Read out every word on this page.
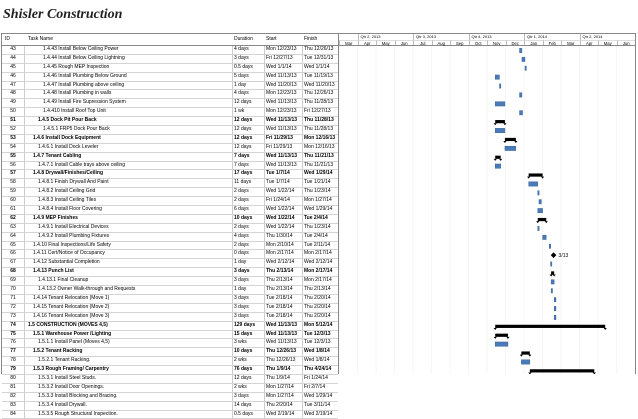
Shisler Construction
ID	Task Name	Duration	Start	Finish
43	1.4.43 Install Below Ceiling Power	4 days	Mon 12/23/13	Thu 12/26/13
44	1.4.44 Install Below Ceiling Lightning	3 days	Fri 12/27/13	Tue 12/31/13
45	1.4.45 Rough MEP Inspection	0.5 days	Wed 1/1/14	Wed 1/1/14
46	1.4.46 Install Plumbing Below Ground	5 days	Wed 11/13/13	Tue 11/19/13
47	1.4.47 Install Plumbing above ceiling	1 day	Wed 11/20/13	Wed 11/20/13
48	1.4.48 Install Plumbing in walls	4 days	Mon 12/23/13	Thu 12/26/13
49	1.4.49 Install Fire Supression System	12 days	Wed 11/13/13	Thu 11/28/13
50	1.4.410 Install Roof Top Unit	1 wk	Mon 12/23/13	Fri 12/27/13
51	1.4.5 Dock Pit Pour Back	12 days	Wed 11/13/13	Thu 11/28/13
52	1.4.5.1 FRP5 Dock Pour Back	12 days	Wed 11/13/13	Thu 11/28/13
53	1.4.6 Install Dock Equipment	12 days	Fri 11/29/13	Mon 12/16/13
54	1.4.6.1 Install Dock Leveler	12 days	Fri 11/29/13	Mon 12/16/13
55	1.4.7 Tenant Cabling	7 days	Wed 11/13/13	Thu 11/21/13
56	1.4.7.1 Install Cable trays above ceiling	7 days	Wed 11/13/13	Thu 11/21/13
57	1.4.8 Drywall/Finishes/Ceiling	17 days	Tue 1/7/14	Wed 1/29/14
58	1.4.8.1 Finish Drywall And Paint	11 days	Tue 1/7/14	Tue 1/21/14
59	1.4.8.2 Install Ceiling Grid	2 days	Wed 1/22/14	Thu 1/23/14
60	1.4.8.3 Install Ceiling Tiles	2 days	Fri 1/24/14	Mon 1/27/14
61	1.4.8.4 Install Floor Covering	6 days	Wed 1/22/14	Wed 1/29/14
62	1.4.9 MEP Finishes	10 days	Wed 1/22/14	Tue 2/4/14
63	1.4.9.1 Install Electrical Devices	2 days	Wed 1/22/14	Thu 1/23/14
64	1.4.9.2 Install Plumbing Fixtures	4 days	Thu 1/30/14	Tue 2/4/14
65	1.4.10 Final Inspections/Life Safety	2 days	Mon 2/10/14	Tue 2/11/14
66	1.4.11 Cert/Notice of Occupancy	0 days	Mon 2/17/14	Mon 2/17/14
67	1.4.12 Substantial Completion	1 day	Wed 2/12/14	Wed 2/12/14
68	1.4.13 Punch List	3 days	Thu 2/13/14	Mon 2/17/14
69	1.4.13.1 Final Cleanup	3 days	Thu 2/13/14	Mon 2/17/14
70	1.4.13.2 Owner Walk-through and Requests	1 day	Thu 2/13/14	Thu 2/13/14
71	1.4.14 Tenant Relocation (Move 1)	3 days	Tue 2/18/14	Thu 2/20/14
72	1.4.15 Tenant Relocation (Move 2)	3 days	Tue 2/18/14	Thu 2/20/14
73	1.4.16 Tenant Relocation (Move 3)	3 days	Tue 2/18/14	Thu 2/20/14
74	1.5 CONSTRUCTION (MOVES 4,5)	129 days	Wed 11/13/13	Mon 5/12/14
75	1.5.1 Warehouse Power /Lighting	15 days	Wed 11/13/13	Tue 12/3/13
76	1.5.1.1 Install Panel (Moves 4,5)	3 wks	Wed 11/13/13	Tue 12/3/13
77	1.5.2 Tenant Racking	10 days	Thu 12/26/13	Wed 1/8/14
78	1.5.2.1 Tenant Racking.	2 wks	Thu 12/26/13	Wed 1/8/14
79	1.5.3 Rough Framing/ Carpentry	76 days	Thu 1/9/14	Thu 4/24/14
80	1.5.3.1 Install Steel Studs.	12 days	Thu 1/9/14	Fri 1/24/14
81	1.5.3.2 Install Door Openings.	2 wks	Mon 1/27/14	Fri 2/7/14
82	1.5.3.3 Install Blocking and Bracing.	3 days	Mon 1/27/14	Wed 1/29/14
83	1.5.3.4 Install Drywall.	14 days	Thu 2/20/14	Tue 3/11/14
84	1.5.3.5 Rough Structural Inspection.	0.5 days	Wed 2/19/14	Wed 2/19/14
Qtr 2, 2013	Qtr 3, 2013	Qtr 4, 2013	Qtr 1, 2014	Qtr 2, 2014
Mar	Apr	May	Jun	Jul	Aug	Sep	Oct	Nov	Dec	Jan	Feb	Mar	Apr	May	Jun
3/13
